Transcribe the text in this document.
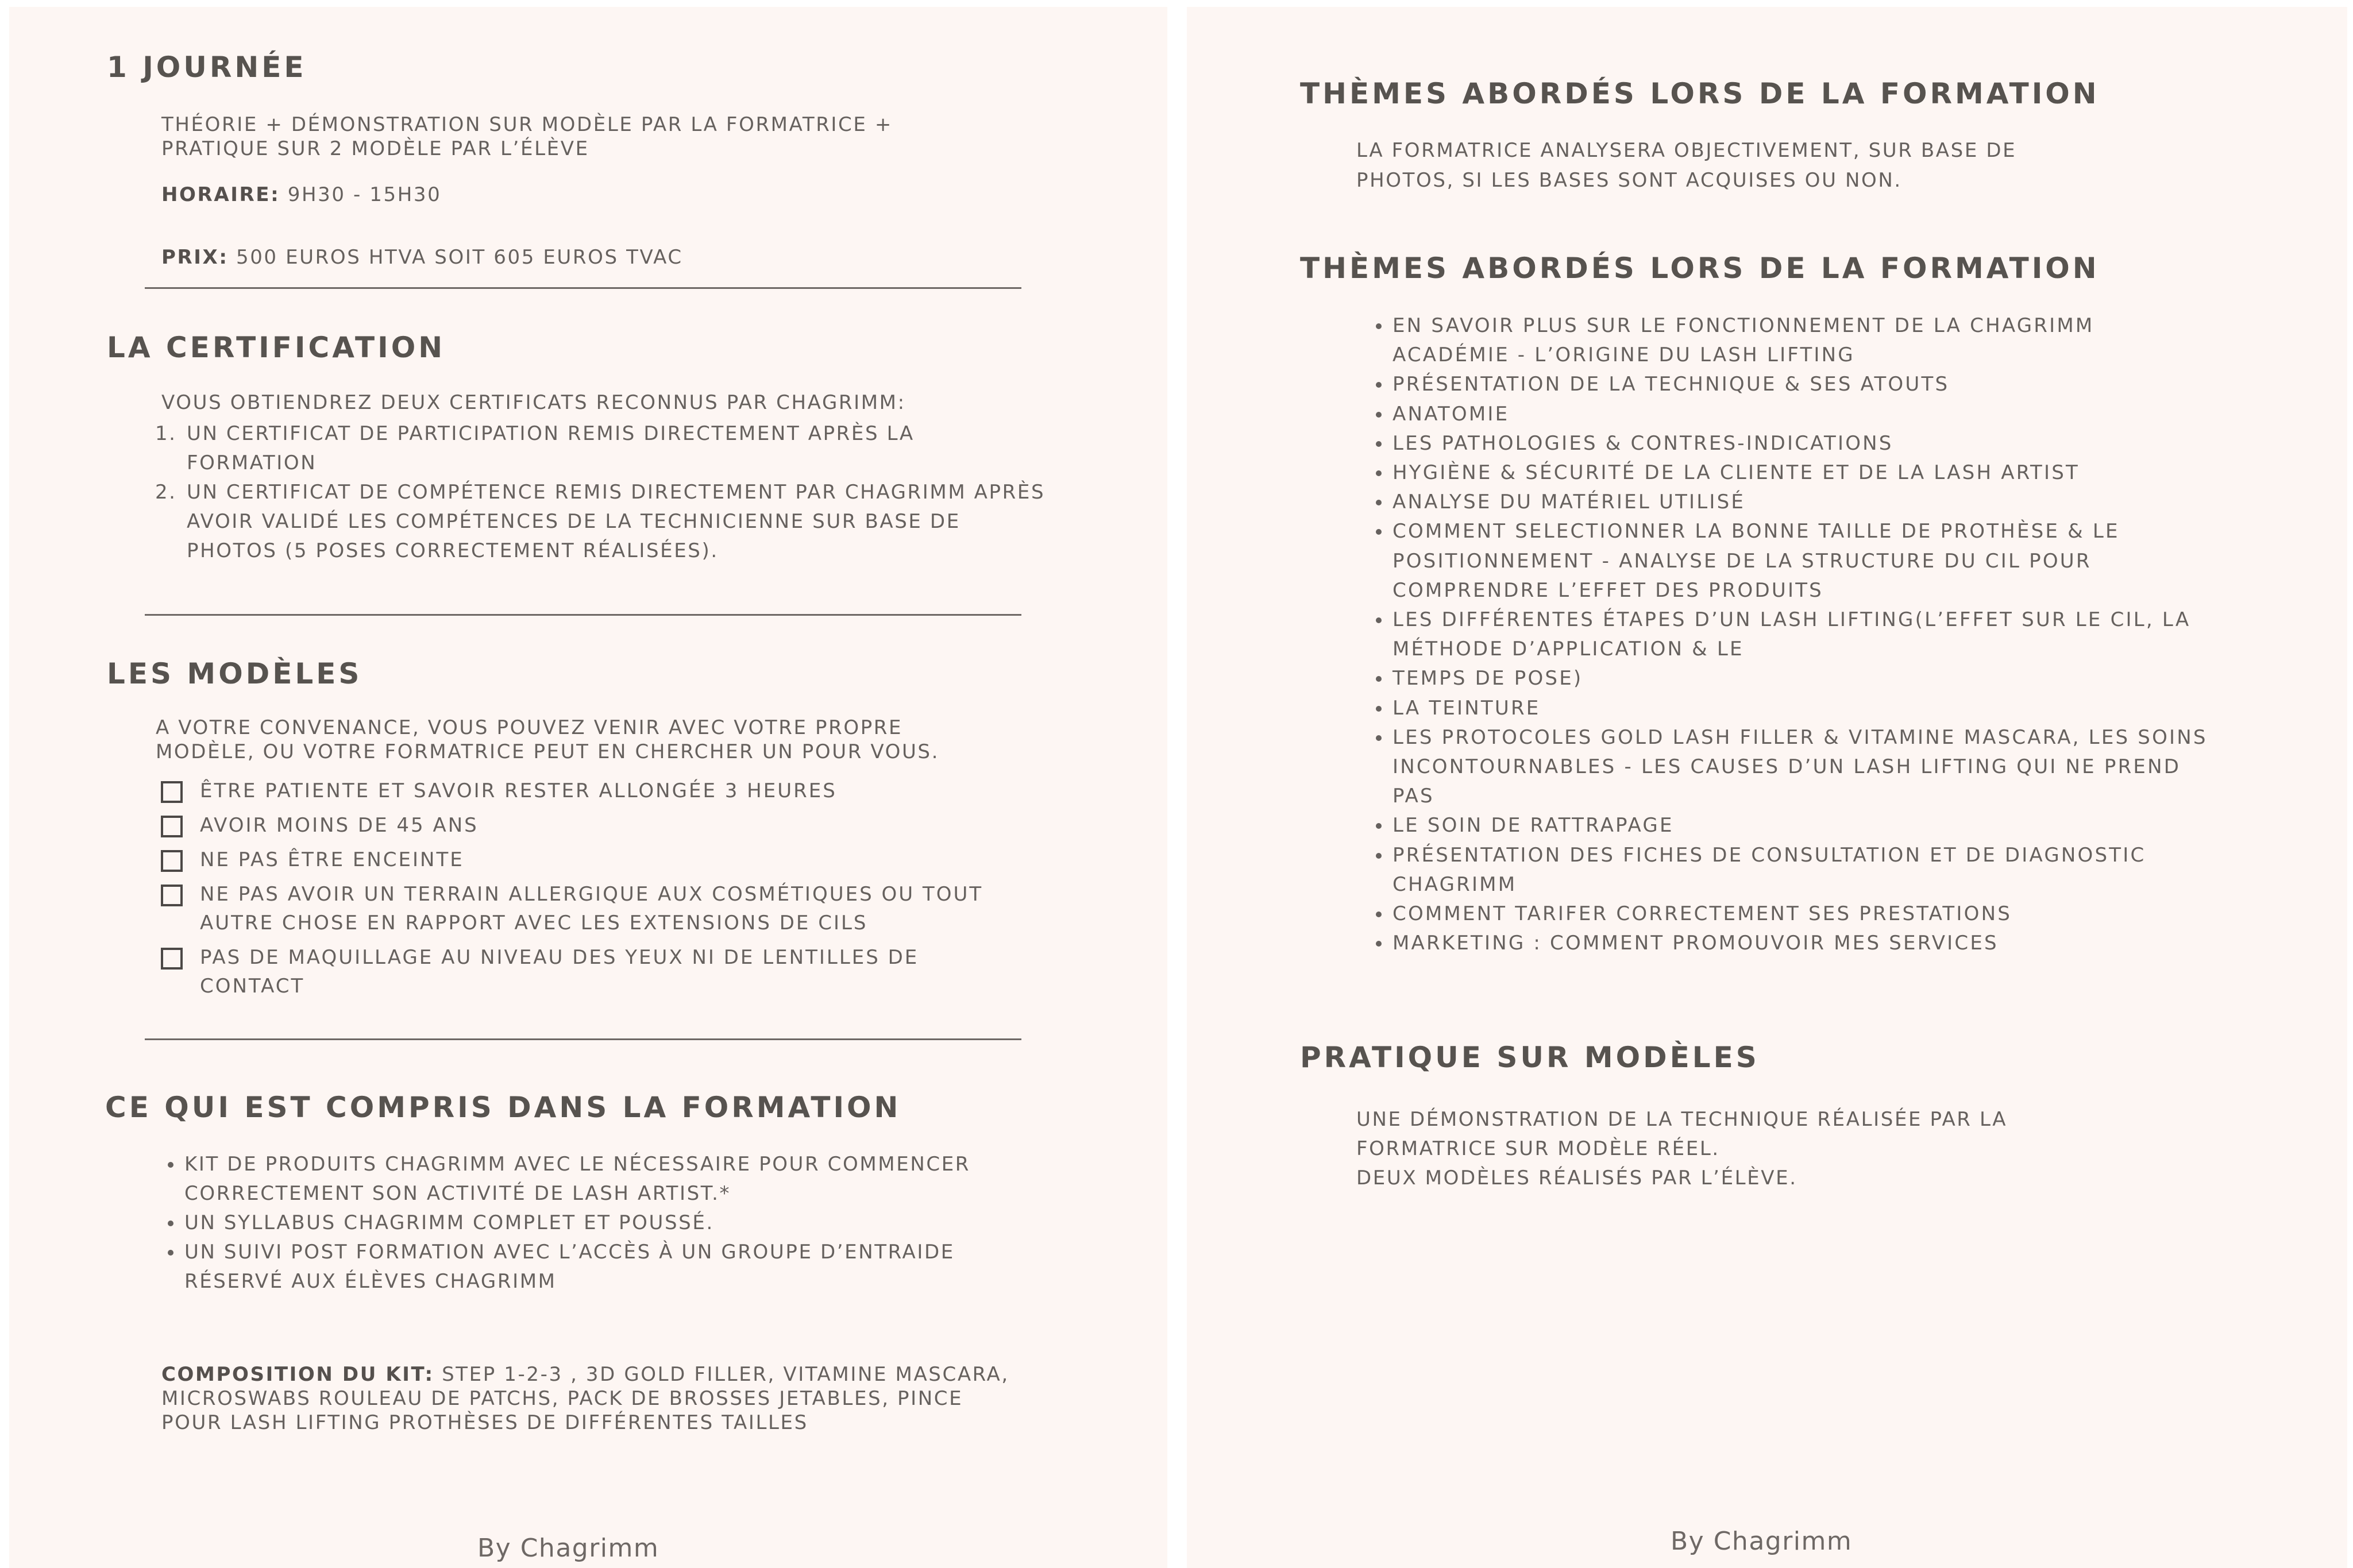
1 JOURNÉE

THÉORIE + DÉMONSTRATION SUR MODÈLE PAR LA FORMATRICE +
PRATIQUE SUR 2 MODÈLE PAR L’ÉLÈVE

HORAIRE: 9H30 - 15H30

PRIX: 500 EUROS HTVA SOIT 605 EUROS TVAC

LA CERTIFICATION

VOUS OBTIENDREZ DEUX CERTIFICATS RECONNUS PAR CHAGRIMM:

1. UN CERTIFICAT DE PARTICIPATION REMIS DIRECTEMENT APRÈS LA FORMATION
2. UN CERTIFICAT DE COMPÉTENCE REMIS DIRECTEMENT PAR CHAGRIMM APRÈS AVOIR VALIDÉ LES COMPÉTENCES DE LA TECHNICIENNE SUR BASE DE PHOTOS (5 POSES CORRECTEMENT RÉALISÉES).
LES MODÈLES

A VOTRE CONVENANCE, VOUS POUVEZ VENIR AVEC VOTRE PROPRE
MODÈLE, OU VOTRE FORMATRICE PEUT EN CHERCHER UN POUR VOUS.

ÊTRE PATIENTE ET SAVOIR RESTER ALLONGÉE 3 HEURES
AVOIR MOINS DE 45 ANS
NE PAS ÊTRE ENCEINTE
NE PAS AVOIR UN TERRAIN ALLERGIQUE AUX COSMÉTIQUES OU TOUT AUTRE CHOSE EN RAPPORT AVEC LES EXTENSIONS DE CILS
PAS DE MAQUILLAGE AU NIVEAU DES YEUX NI DE LENTILLES DE CONTACT
CE QUI EST COMPRIS DANS LA FORMATION
• KIT DE PRODUITS CHAGRIMM AVEC LE NÉCESSAIRE POUR COMMENCER CORRECTEMENT SON ACTIVITÉ DE LASH ARTIST.*
• UN SYLLABUS CHAGRIMM COMPLET ET POUSSÉ.
• UN SUIVI POST FORMATION AVEC L’ACCÈS À UN GROUPE D’ENTRAIDE RÉSERVÉ AUX ÉLÈVES CHAGRIMM

COMPOSITION DU KIT: STEP 1-2-3 , 3D GOLD FILLER, VITAMINE MASCARA,
MICROSWABS ROULEAU DE PATCHS, PACK DE BROSSES JETABLES, PINCE
POUR LASH LIFTING PROTHÈSES DE DIFFÉRENTES TAILLES

By Chagrimm
THÈMES ABORDÉS LORS DE LA FORMATION

LA FORMATRICE ANALYSERA OBJECTIVEMENT, SUR BASE DE
PHOTOS, SI LES BASES SONT ACQUISES OU NON.

THÈMES ABORDÉS LORS DE LA FORMATION
• EN SAVOIR PLUS SUR LE FONCTIONNEMENT DE LA CHAGRIMM ACADÉMIE - L’ORIGINE DU LASH LIFTING
• PRÉSENTATION DE LA TECHNIQUE & SES ATOUTS
• ANATOMIE
• LES PATHOLOGIES & CONTRES-INDICATIONS
• HYGIÈNE & SÉCURITÉ DE LA CLIENTE ET DE LA LASH ARTIST
• ANALYSE DU MATÉRIEL UTILISÉ
• COMMENT SELECTIONNER LA BONNE TAILLE DE PROTHÈSE & LE POSITIONNEMENT - ANALYSE DE LA STRUCTURE DU CIL POUR COMPRENDRE L’EFFET DES PRODUITS
• LES DIFFÉRENTES ÉTAPES D’UN LASH LIFTING(L’EFFET SUR LE CIL, LA MÉTHODE D’APPLICATION & LE
• TEMPS DE POSE)
• LA TEINTURE
• LES PROTOCOLES GOLD LASH FILLER & VITAMINE MASCARA, LES SOINS INCONTOURNABLES - LES CAUSES D’UN LASH LIFTING QUI NE PREND PAS
• LE SOIN DE RATTRAPAGE
• PRÉSENTATION DES FICHES DE CONSULTATION ET DE DIAGNOSTIC CHAGRIMM
• COMMENT TARIFER CORRECTEMENT SES PRESTATIONS
• MARKETING : COMMENT PROMOUVOIR MES SERVICES
PRATIQUE SUR MODÈLES

UNE DÉMONSTRATION DE LA TECHNIQUE RÉALISÉE PAR LA
FORMATRICE SUR MODÈLE RÉEL.
DEUX MODÈLES RÉALISÉS PAR L’ÉLÈVE.

By Chagrimm
